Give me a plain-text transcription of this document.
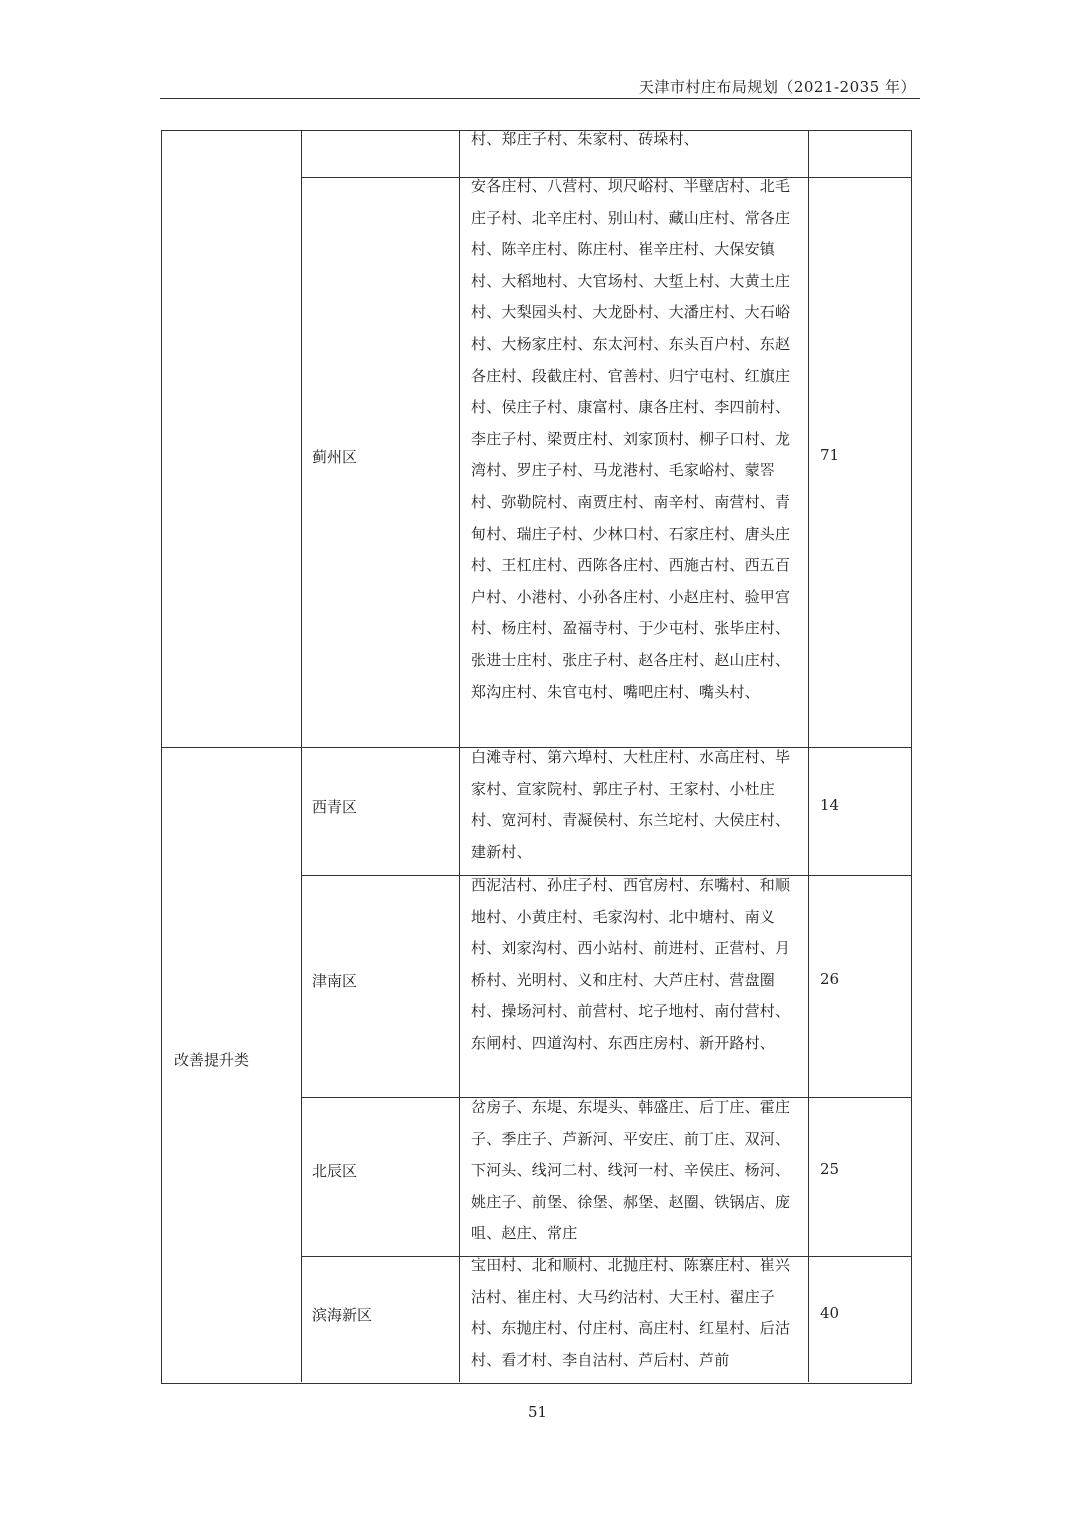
天津市村庄布局规划（2021-2035 年）
村、郑庄子村、朱家村、砖垛村、
蓟州区
安各庄村、八营村、坝尺峪村、半壁店村、北毛庄子村、北辛庄村、别山村、藏山庄村、常各庄村、陈辛庄村、陈庄村、崔辛庄村、大保安镇村、大稻地村、大官场村、大埑上村、大黄土庄村、大梨园头村、大龙卧村、大潘庄村、大石峪村、大杨家庄村、东太河村、东头百户村、东赵各庄村、段截庄村、官善村、归宁屯村、红旗庄村、侯庄子村、康富村、康各庄村、李四前村、李庄子村、梁贾庄村、刘家顶村、柳子口村、龙湾村、罗庄子村、马龙港村、毛家峪村、蒙𦊴村、弥勒院村、南贾庄村、南辛村、南营村、青甸村、瑞庄子村、少林口村、石家庄村、唐头庄村、王杠庄村、西陈各庄村、西施古村、西五百户村、小港村、小孙各庄村、小赵庄村、验甲宫村、杨庄村、盈福寺村、于少屯村、张毕庄村、张进士庄村、张庄子村、赵各庄村、赵山庄村、郑沟庄村、朱官屯村、嘴吧庄村、嘴头村、
71
改善提升类
西青区
白滩寺村、第六埠村、大杜庄村、水高庄村、毕家村、宣家院村、郭庄子村、王家村、小杜庄村、宽河村、青凝侯村、东兰坨村、大侯庄村、建新村、
14
津南区
西泥沽村、孙庄子村、西官房村、东嘴村、和顺地村、小黄庄村、毛家沟村、北中塘村、南义村、刘家沟村、西小站村、前进村、正营村、月桥村、光明村、义和庄村、大芦庄村、营盘圈村、操场河村、前营村、坨子地村、南付营村、东闸村、四道沟村、东西庄房村、新开路村、
26
北辰区
岔房子、东堤、东堤头、韩盛庄、后丁庄、霍庄子、季庄子、芦新河、平安庄、前丁庄、双河、下河头、线河二村、线河一村、辛侯庄、杨河、姚庄子、前堡、徐堡、郝堡、赵圈、铁锅店、庞咀、赵庄、常庄
25
滨海新区
宝田村、北和顺村、北抛庄村、陈寨庄村、崔兴沽村、崔庄村、大马约沽村、大王村、翟庄子村、东抛庄村、付庄村、高庄村、红星村、后沽村、看才村、李自沽村、芦后村、芦前
40
51
